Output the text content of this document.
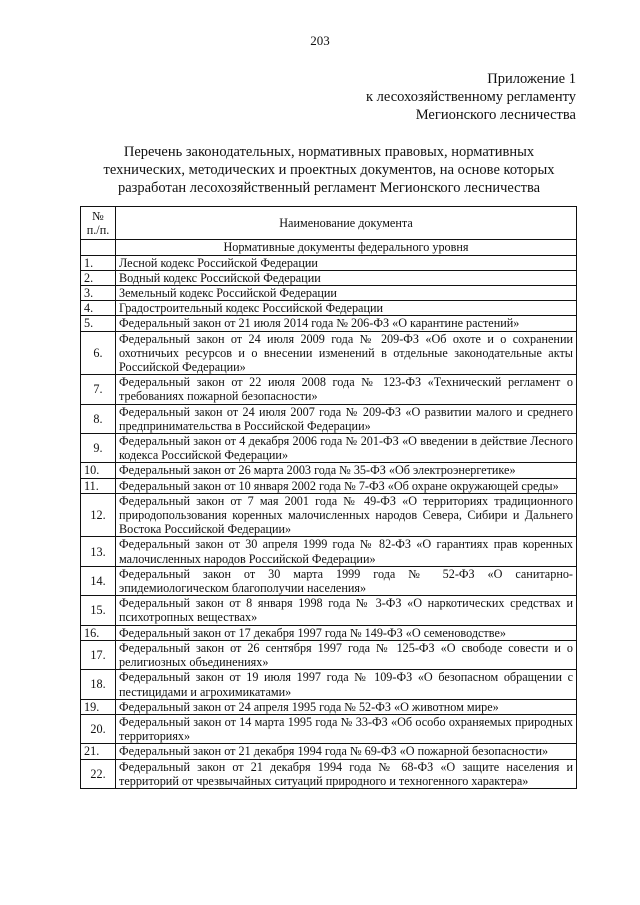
203
Приложение 1
к лесохозяйственному регламенту
Мегионского лесничества
Перечень законодательных, нормативных правовых, нормативных
технических, методических и проектных документов, на основе которых
разработан лесохозяйственный регламент Мегионского лесничества
№
п./п.	Наименование документа
	Нормативные документы федерального уровня
1.	Лесной кодекс Российской Федерации
2.	Водный кодекс Российской Федерации
3.	Земельный кодекс Российской Федерации
4.	Градостроительный кодекс Российской Федерации
5.	Федеральный закон от 21 июля 2014 года № 206-ФЗ «О карантине растений»
6.	Федеральный закон от 24 июля 2009 года № 209-ФЗ «Об охоте и о сохранении охотничьих ресурсов и о внесении изменений в отдельные законодательные акты Российской Федерации»
7.	Федеральный закон от 22 июля 2008 года № 123-ФЗ «Технический регламент о требованиях пожарной безопасности»
8.	Федеральный закон от 24 июля 2007 года № 209-ФЗ «О развитии малого и среднего предпринимательства в Российской Федерации»
9.	Федеральный закон от 4 декабря 2006 года № 201-ФЗ «О введении в действие Лесного кодекса Российской Федерации»
10.	Федеральный закон от 26 марта 2003 года № 35-ФЗ «Об электроэнергетике»
11.	Федеральный закон от 10 января 2002 года № 7-ФЗ «Об охране окружающей среды»
12.	Федеральный закон от 7 мая 2001 года № 49-ФЗ «О территориях традиционного природопользования коренных малочисленных народов Севера, Сибири и Дальнего Востока Российской Федерации»
13.	Федеральный закон от 30 апреля 1999 года № 82-ФЗ «О гарантиях прав коренных малочисленных народов Российской Федерации»
14.	Федеральный закон от 30 марта 1999 года № 52-ФЗ «О санитарно-эпидемиологическом благополучии населения»
15.	Федеральный закон от 8 января 1998 года № 3-ФЗ «О наркотических средствах и психотропных веществах»
16.	Федеральный закон от 17 декабря 1997 года № 149-ФЗ «О семеноводстве»
17.	Федеральный закон от 26 сентября 1997 года № 125-ФЗ «О свободе совести и о религиозных объединениях»
18.	Федеральный закон от 19 июля 1997 года № 109-ФЗ «О безопасном обращении с пестицидами и агрохимикатами»
19.	Федеральный закон от 24 апреля 1995 года № 52-ФЗ «О животном мире»
20.	Федеральный закон от 14 марта 1995 года № 33-ФЗ «Об особо охраняемых природных территориях»
21.	Федеральный закон от 21 декабря 1994 года № 69-ФЗ «О пожарной безопасности»
22.	Федеральный закон от 21 декабря 1994 года № 68-ФЗ «О защите населения и территорий от чрезвычайных ситуаций природного и техногенного характера»
